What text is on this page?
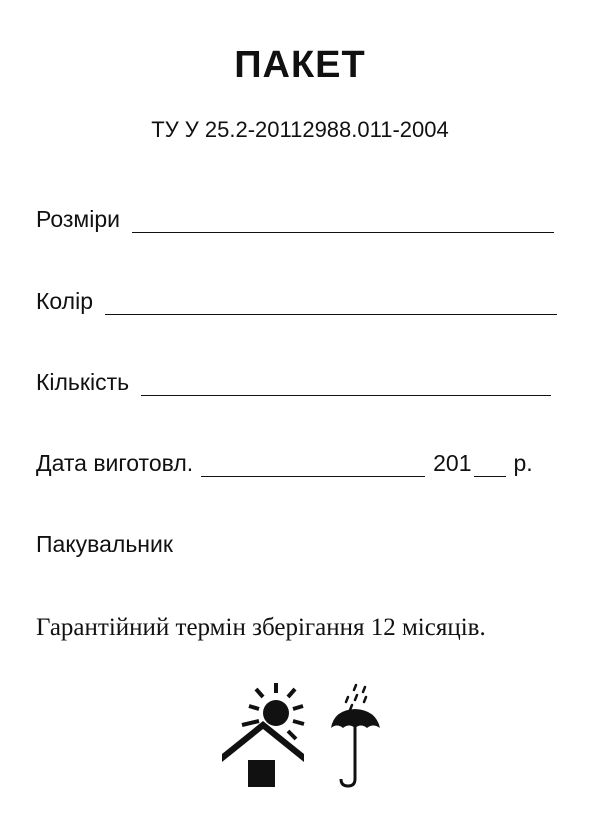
ПАКЕТ
ТУ У 25.2-20112988.011-2004
Розміри
Колір
Кількість
Дата виготовл.	201 р.
Пакувальник
Гарантійний термін зберігання 12 місяців.
